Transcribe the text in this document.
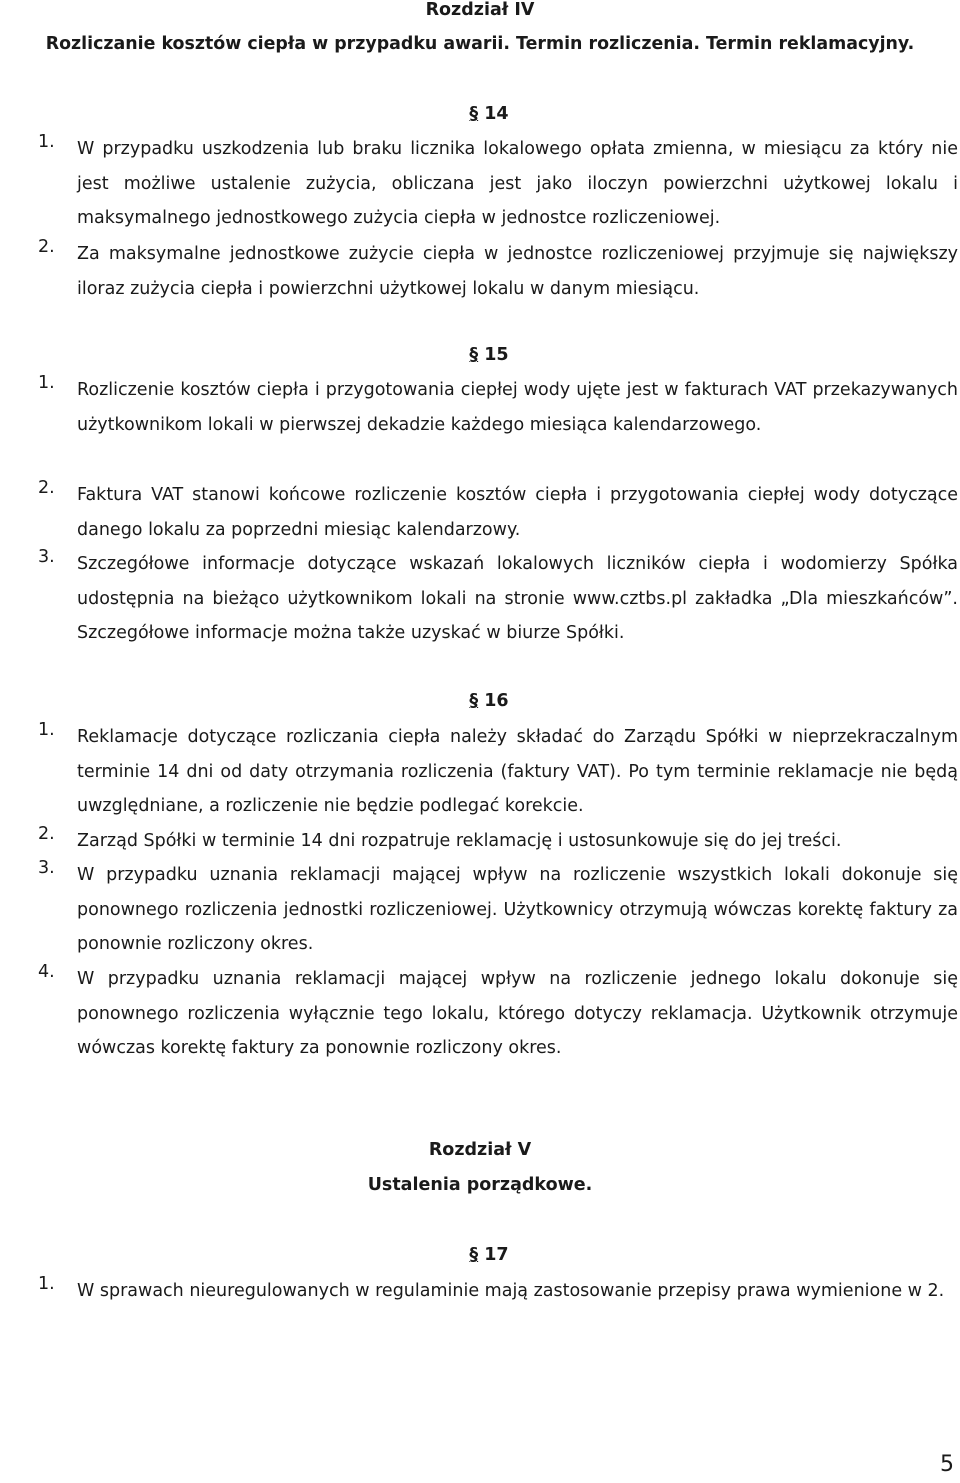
Rozdział IV
Rozliczanie kosztów ciepła w przypadku awarii. Termin rozliczenia. Termin reklamacyjny.
§ 14
1. W przypadku uszkodzenia lub braku licznika lokalowego opłata zmienna, w miesiącu za który nie jest możliwe ustalenie zużycia, obliczana jest jako iloczyn powierzchni użytkowej lokalu i maksymalnego jednostkowego zużycia ciepła w jednostce rozliczeniowej.
2. Za maksymalne jednostkowe zużycie ciepła w jednostce rozliczeniowej przyjmuje się największy iloraz zużycia ciepła i powierzchni użytkowej lokalu w danym miesiącu.
§ 15
1. Rozliczenie kosztów ciepła i przygotowania ciepłej wody ujęte jest w fakturach VAT przekazywanych użytkownikom lokali w pierwszej dekadzie każdego miesiąca kalendarzowego.
2. Faktura VAT stanowi końcowe rozliczenie kosztów ciepła i przygotowania ciepłej wody dotyczące danego lokalu za poprzedni miesiąc kalendarzowy.
3. Szczegółowe informacje dotyczące wskazań lokalowych liczników ciepła i wodomierzy Spółka udostępnia na bieżąco użytkownikom lokali na stronie www.cztbs.pl zakładka „Dla mieszkańców”. Szczegółowe informacje można także uzyskać w biurze Spółki.
§ 16
1. Reklamacje dotyczące rozliczania ciepła należy składać do Zarządu Spółki w nieprzekraczalnym terminie 14 dni od daty otrzymania rozliczenia (faktury VAT). Po tym terminie reklamacje nie będą uwzględniane, a rozliczenie nie będzie podlegać korekcie.
2. Zarząd Spółki w terminie 14 dni rozpatruje reklamację i ustosunkowuje się do jej treści.
3. W przypadku uznania reklamacji mającej wpływ na rozliczenie wszystkich lokali dokonuje się ponownego rozliczenia jednostki rozliczeniowej. Użytkownicy otrzymują wówczas korektę faktury za ponownie rozliczony okres.
4. W przypadku uznania reklamacji mającej wpływ na rozliczenie jednego lokalu dokonuje się ponownego rozliczenia wyłącznie tego lokalu, którego dotyczy reklamacja. Użytkownik otrzymuje wówczas korektę faktury za ponownie rozliczony okres.
Rozdział V
Ustalenia porządkowe.
§ 17
1. W sprawach nieuregulowanych w regulaminie mają zastosowanie przepisy prawa wymienione w 2.
5
